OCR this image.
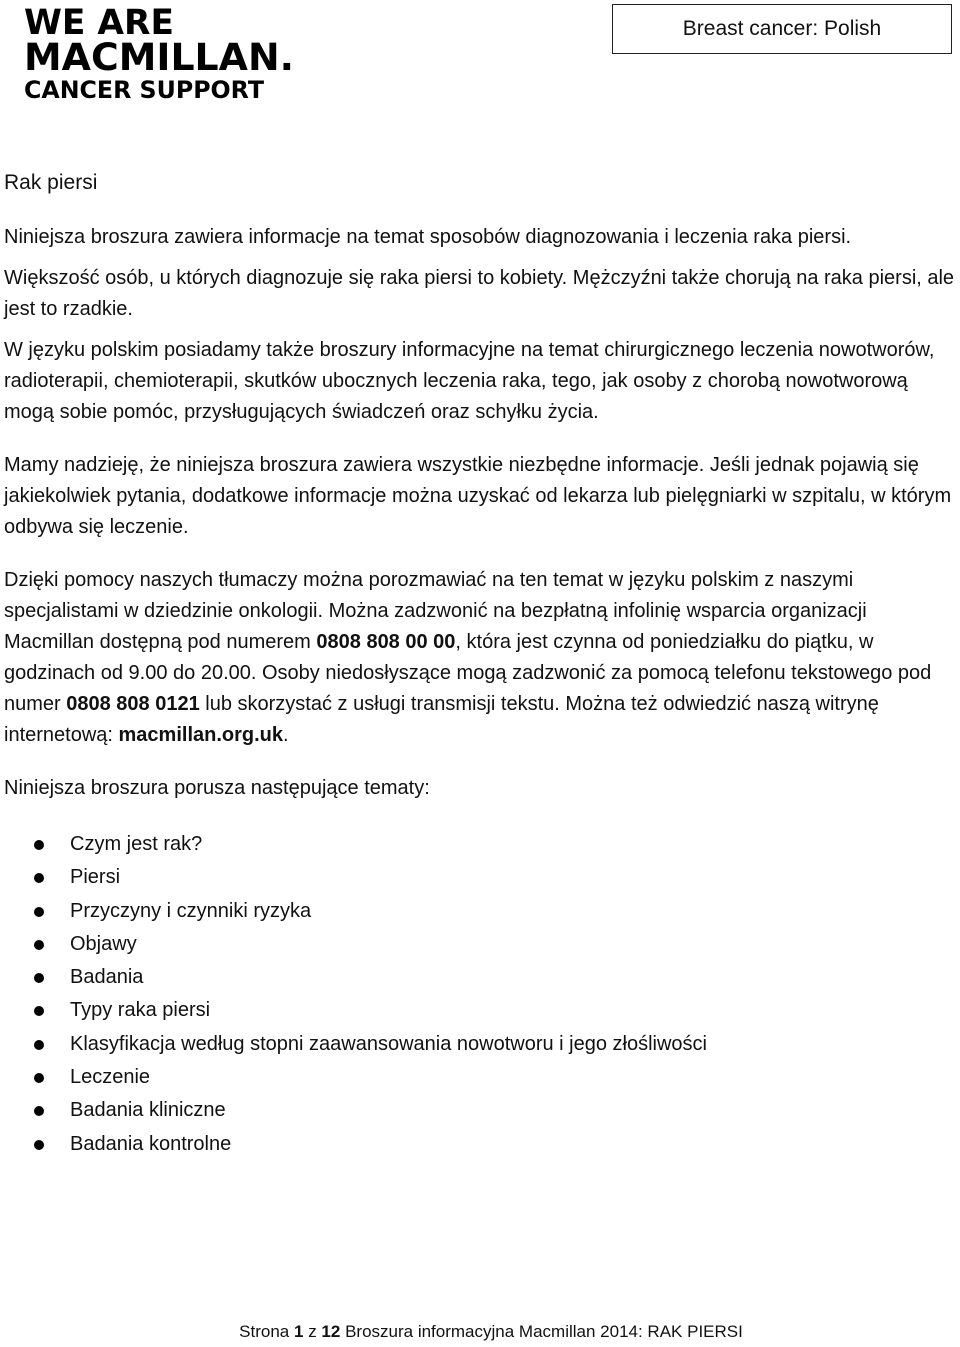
WE ARE
MACMILLAN.
CANCER SUPPORT
Breast cancer: Polish
Rak piersi

Niniejsza broszura zawiera informacje na temat sposobów diagnozowania i leczenia raka piersi.

Większość osób, u których diagnozuje się raka piersi to kobiety. Mężczyźni także chorują na raka piersi, ale jest to rzadkie.

W języku polskim posiadamy także broszury informacyjne na temat chirurgicznego leczenia nowotworów, radioterapii, chemioterapii, skutków ubocznych leczenia raka, tego, jak osoby z chorobą nowotworową mogą sobie pomóc, przysługujących świadczeń oraz schyłku życia.

Mamy nadzieję, że niniejsza broszura zawiera wszystkie niezbędne informacje. Jeśli jednak pojawią się jakiekolwiek pytania, dodatkowe informacje można uzyskać od lekarza lub pielęgniarki w szpitalu, w którym odbywa się leczenie.

Dzięki pomocy naszych tłumaczy można porozmawiać na ten temat w języku polskim z naszymi specjalistami w dziedzinie onkologii. Można zadzwonić na bezpłatną infolinię wsparcia organizacji Macmillan dostępną pod numerem 0808 808 00 00, która jest czynna od poniedziałku do piątku, w godzinach od 9.00 do 20.00. Osoby niedosłyszące mogą zadzwonić za pomocą telefonu tekstowego pod numer 0808 808 0121 lub skorzystać z usługi transmisji tekstu. Można też odwiedzić naszą witrynę internetową: macmillan.org.uk.

Niniejsza broszura porusza następujące tematy:

Czym jest rak?
Piersi
Przyczyny i czynniki ryzyka
Objawy
Badania
Typy raka piersi
Klasyfikacja według stopni zaawansowania nowotworu i jego złośliwości
Leczenie
Badania kliniczne
Badania kontrolne
Strona 1 z 12 Broszura informacyjna Macmillan 2014: RAK PIERSI
